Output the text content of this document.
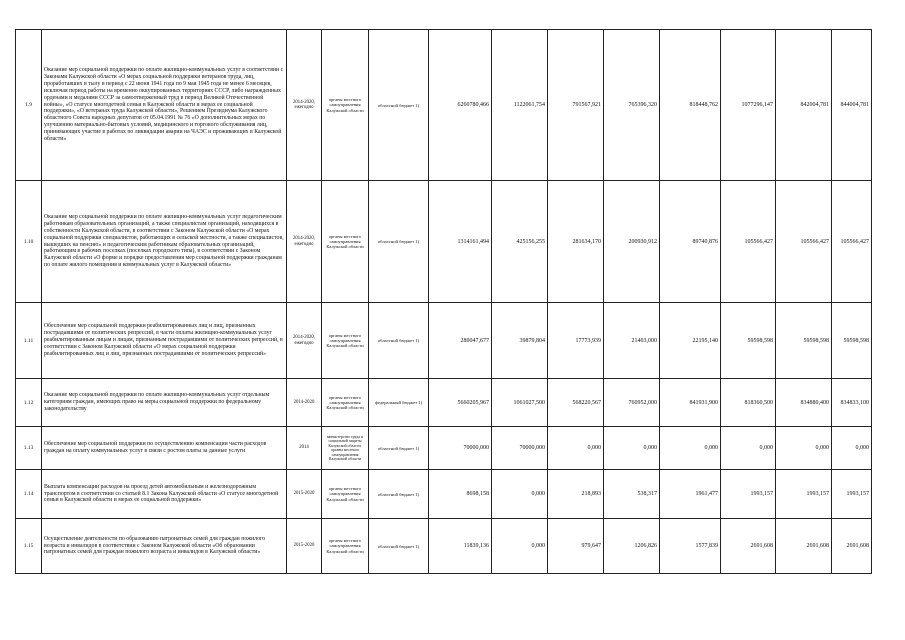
1.9	Оказание мер социальной поддержки по оплате жилищно-коммунальных услуг в соответствии с Законами Калужской области «О мерах социальной поддержки ветеранов труда, лиц, проработавших в тылу в период с 22 июня 1941 года по 9 мая 1945 года не менее 6 месяцев, исключая период работы на временно оккупированных территориях СССР, либо награжденных орденами и медалями СССР за самоотверженный труд в период Великой Отечественной войны», «О статусе многодетной семьи в Калужской области и мерах ее социальной поддержки», «О ветеранах труда Калужской области», Решением Президиума Калужского областного Совета народных депутатов от 05.04.1991 № 76 «О дополнительных мерах по улучшению материально-бытовых условий, медицинского и торгового обслуживания лиц, принимающих участие в работах по ликвидации аварии на ЧАЭС и проживающих в Калужской области»	2014-2020, ежегодно	органы местного самоуправления Калужской области	областной бюджет 1)	6260780,466	1122061,754	791567,921	765396,320	818448,762	1077296,147	842004,781	844004,781
1.10	Оказание мер социальной поддержки по оплате жилищно-коммунальных услуг педагогическим работникам образовательных организаций, а также специалистам организаций, находящихся в собственности Калужской области, в соответствии с Законом Калужской области «О мерах социальной поддержки специалистов, работающих в сельской местности, а также специалистов, вышедших на пенсию» и педагогическим работникам образовательных организаций, работающим в рабочих поселках (поселках городского типа), в соответствии с Законом Калужской области «О форме и порядке предоставления мер социальной поддержки гражданам по оплате жилого помещения и коммунальных услуг в Калужской области»	2014-2020, ежегодно	органы местного самоуправления Калужской области	областной бюджет 1)	1314161,494	425156,255	281634,170	200930,912	89740,876	105566,427	105566,427	105566,427
1.11	Обеспечение мер социальной поддержки реабилитированных лиц и лиц, признанных пострадавшими от политических репрессий, в части оплаты жилищно-коммунальных услуг реабилитированным лицам и лицам, признанным пострадавшими от политических репрессий, в соответствии с Законом Калужской области «О мерах социальной поддержки реабилитированных лиц и лиц, признанных пострадавшими от политических репрессий»	2014-2020, ежегодно	органы местного самоуправления Калужской области	областной бюджет 1)	280047,677	39879,804	17773,939	21403,000	22195,140	59598,598	59598,598	59598,598
1.12	Оказание мер социальной поддержки по оплате жилищно-коммунальных услуг отдельным категориям граждан, имеющих право на меры социальной поддержки по федеральному законодательству	2014-2020	органы местного самоуправления Калужской области	федеральный бюджет 1)	5660205,967	1061027,500	568220,567	760952,000	841931,900	818360,500	834880,400	834833,100
1.13	Обеспечение мер социальной поддержки по осуществлению компенсации части расходов граждан на оплату коммунальных услуг в связи с ростом платы за данные услуги	2014	министерство труда и социальной защиты Калужской области; органы местного самоуправления Калужской области	областной бюджет 1)	70000,000	70000,000	0,000	0,000	0,000	0,000	0,000	0,000
1.14	Выплата компенсации расходов на проезд детей автомобильным и железнодорожным транспортом в соответствии со статьей 8.1 Закона Калужской области «О статусе многодетной семьи в Калужской области и мерах ее социальной поддержки»	2015-2020	органы местного самоуправления Калужской области	областной бюджет 1)	8698,158	0,000	218,893	538,317	1961,477	1993,157	1993,157	1993,157
1.15	Осуществление деятельности по образованию патронатных семей для граждан пожилого возраста и инвалидов в соответствии с Законом Калужской области «Об образовании патронатных семей для граждан пожилого возраста и инвалидов в Калужской области»	2015-2020	органы местного самоуправления Калужской области	областной бюджет 1)	11839,136	0,000	979,647	1206,826	1577,839	2691,608	2691,608	2691,608
